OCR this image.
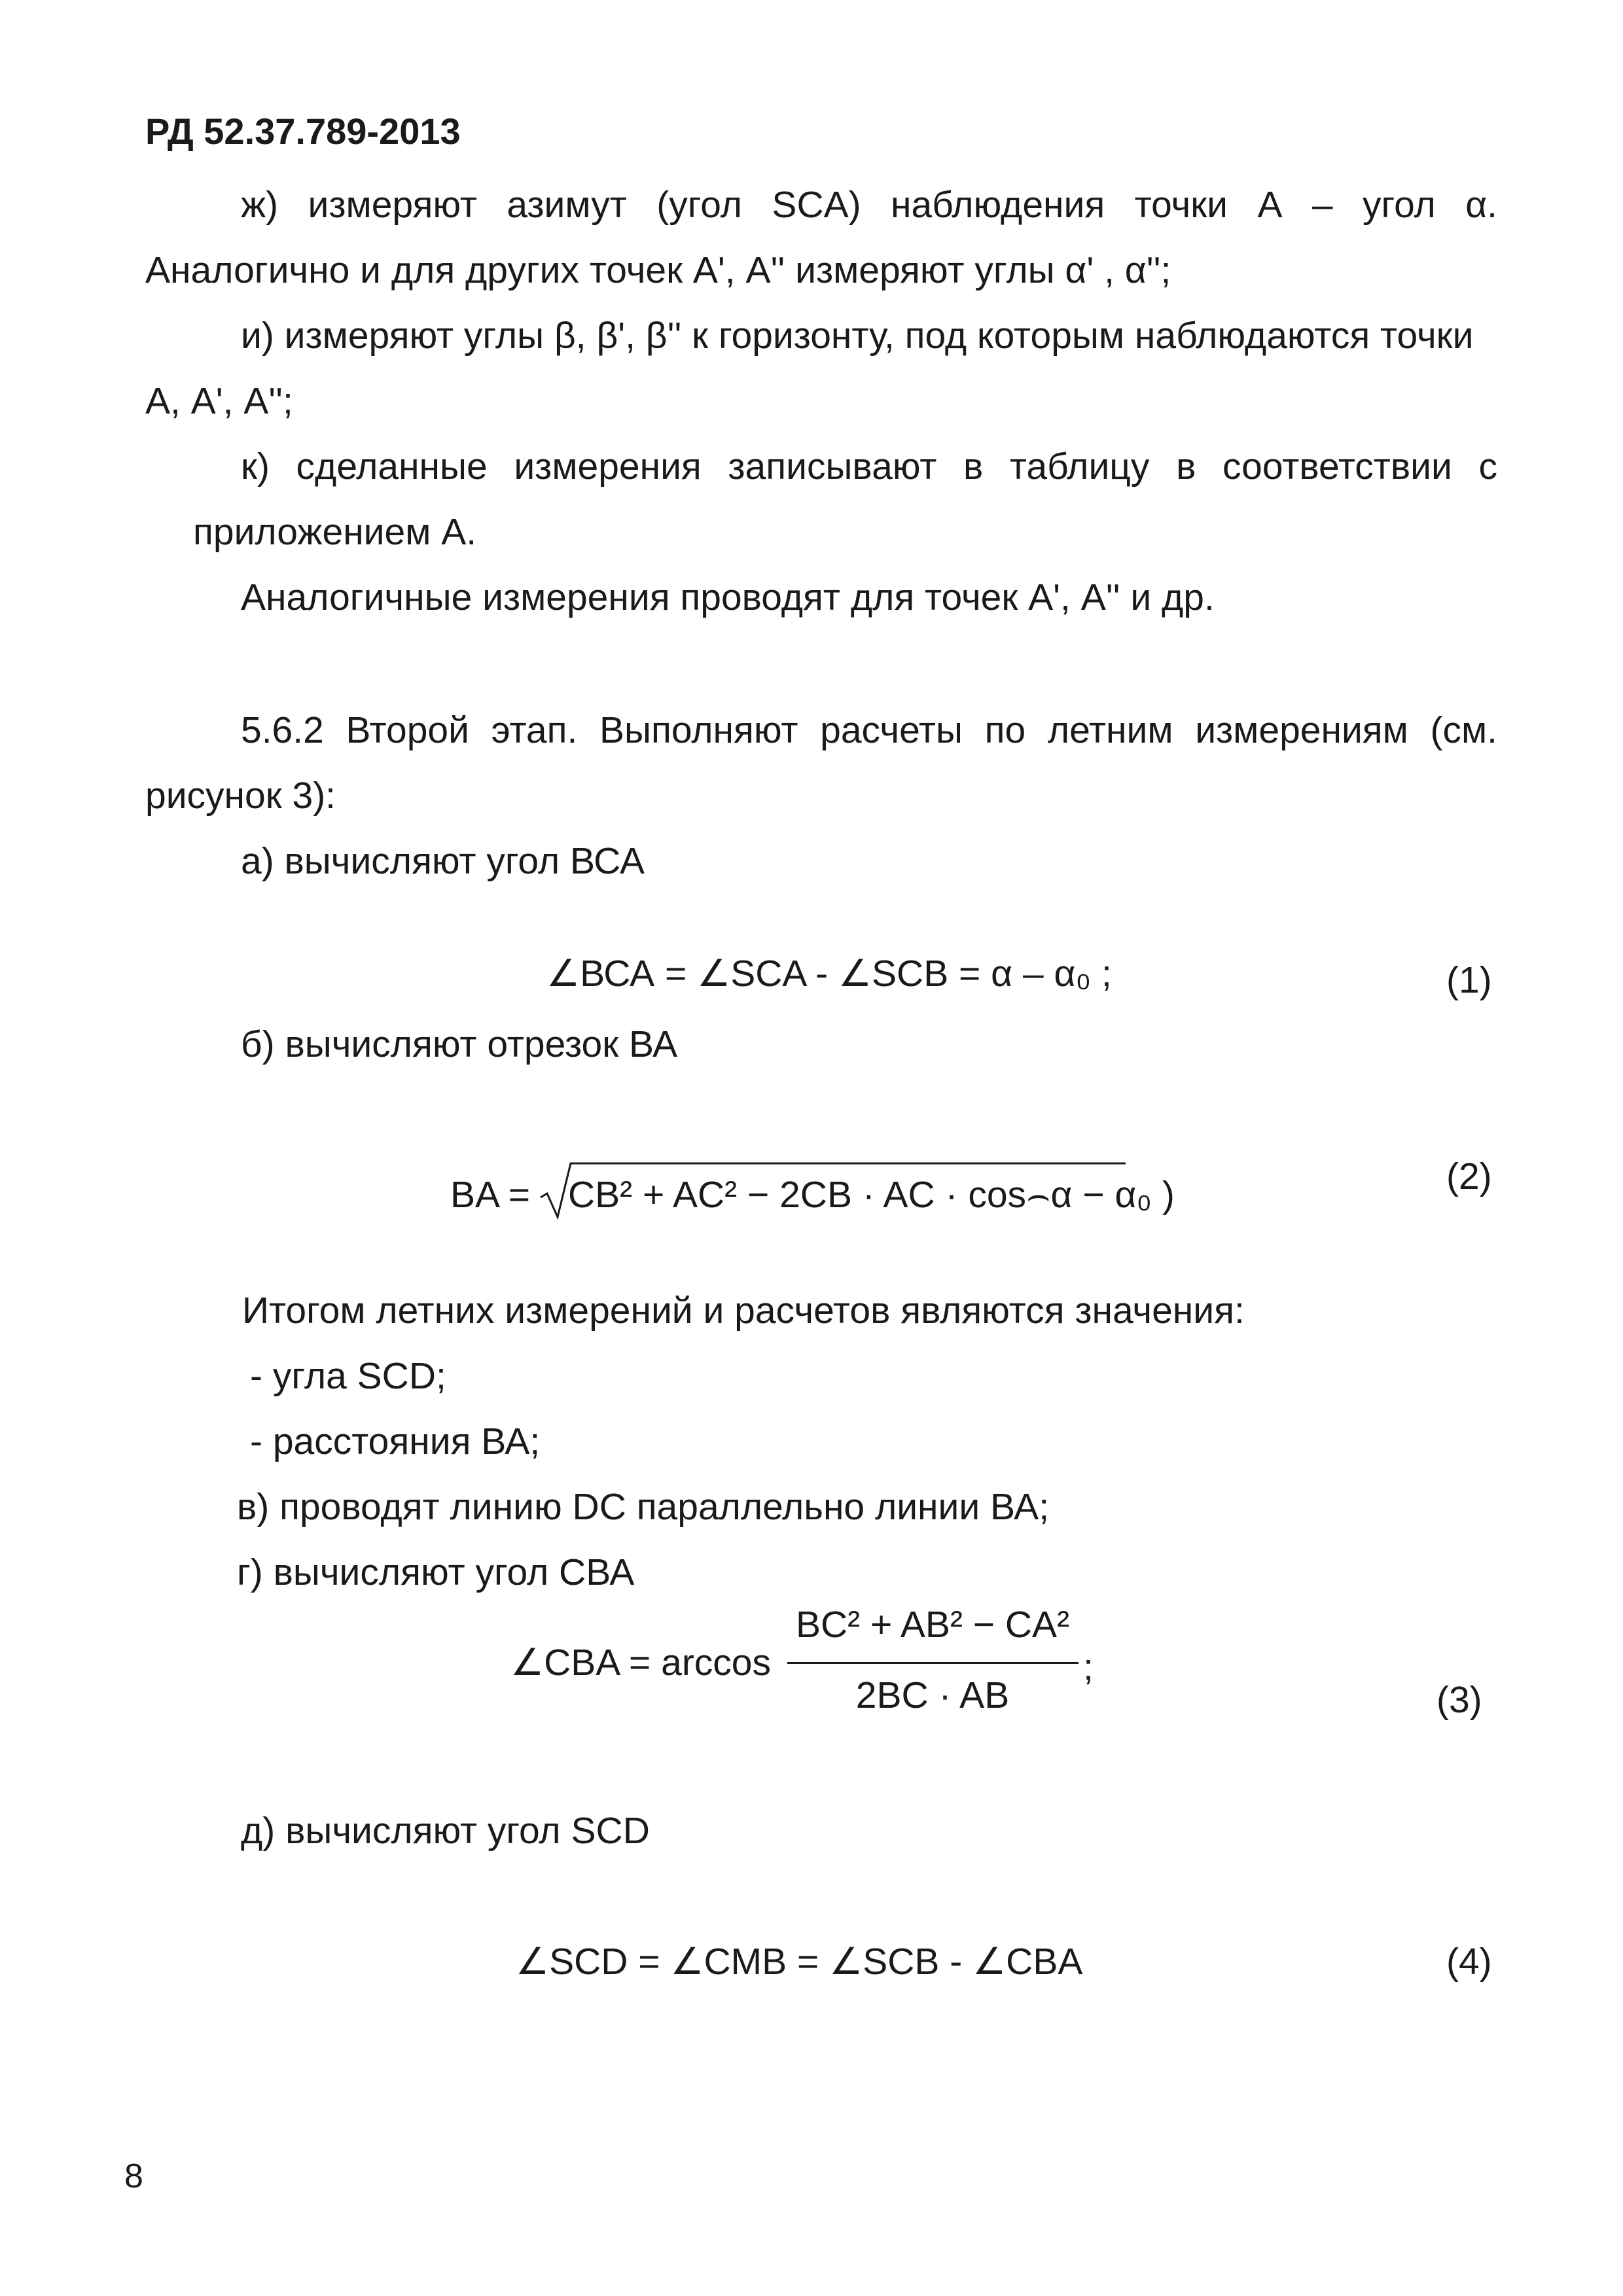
РД 52.37.789-2013
ж) измеряют азимут (угол SCA) наблюдения точки А – угол α.
Аналогично и для других точек А', А'' измеряют углы α' , α'';
и) измеряют углы β, β', β'' к горизонту, под которым наблюдаются точки
А, А', А'';
к) сделанные измерения записывают в таблицу в соответствии с
приложением А.
Аналогичные измерения проводят для точек А', А'' и др.
5.6.2 Второй этап. Выполняют расчеты по летним измерениям (см.
рисунок 3):
а) вычисляют угол ВСА
∠ВСА = ∠SCA - ∠SCB = α – α₀ ;	(1)
б) вычисляют отрезок ВА
BA = CB² + AC² − 2CB · AC · cos⌢α − α₀ )	(2)
Итогом летних измерений и расчетов являются значения:
- угла SCD;
- расстояния ВА;
в) проводят линию DC параллельно линии ВА;
г) вычисляют угол СВА
∠CBA = arccos
BC² + AB² − CA²
2BC · AB
;
(3)
д) вычисляют угол SCD
∠SCD = ∠CMB = ∠SCB - ∠CBA	(4)
8
